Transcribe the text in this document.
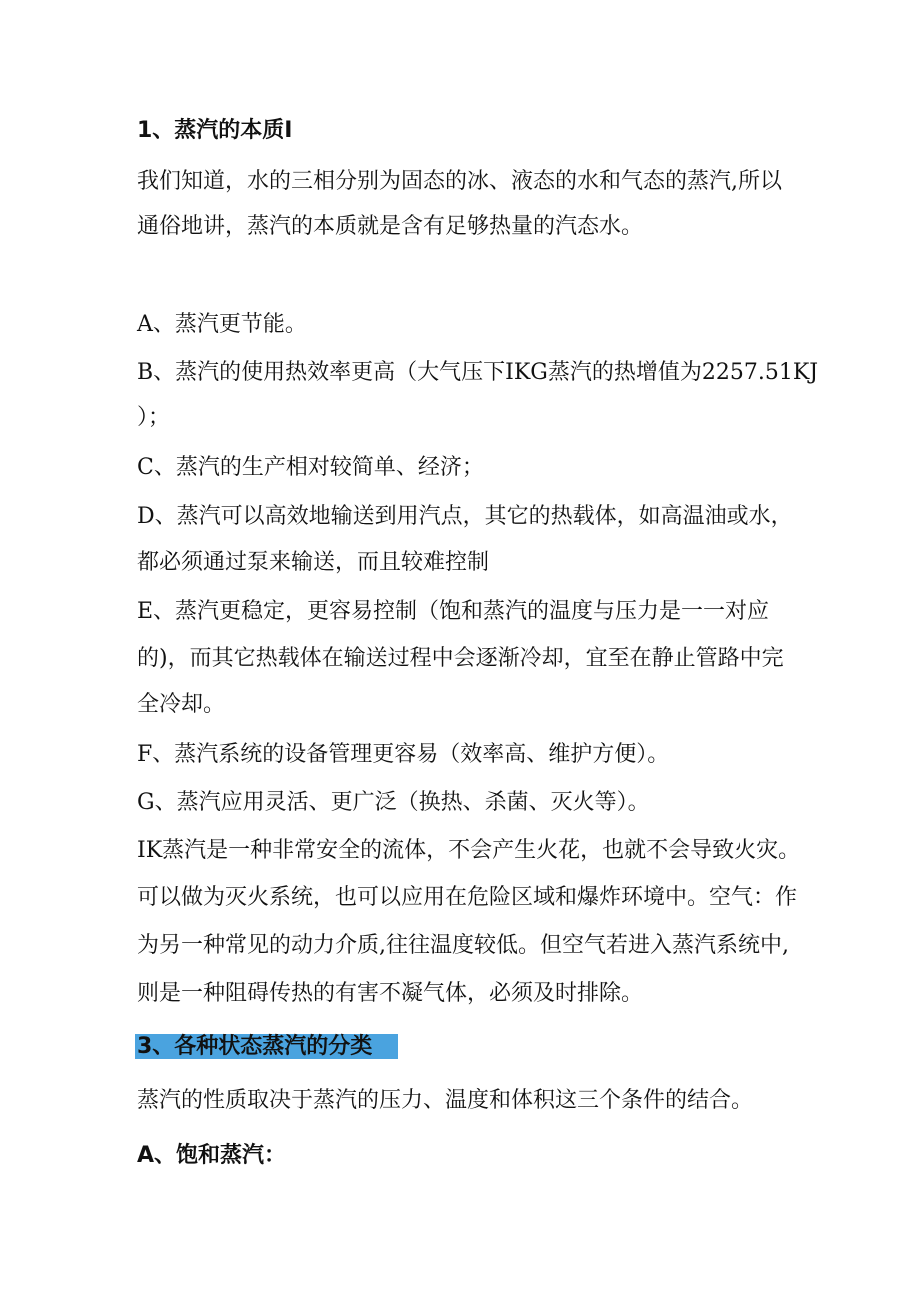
1、蒸汽的本质I
我们知道，水的三相分别为固态的冰、液态的水和气态的蒸汽,所以
通俗地讲，蒸汽的本质就是含有足够热量的汽态水。
A、蒸汽更节能。
B、蒸汽的使用热效率更高（大气压下IKG蒸汽的热增值为2257.51KJ
）；
C、蒸汽的生产相对较简单、经济；
D、蒸汽可以高效地输送到用汽点，其它的热载体，如高温油或水，
都必须通过泵来输送，而且较难控制
E、蒸汽更稳定，更容易控制（饱和蒸汽的温度与压力是一一对应
的)，而其它热载体在输送过程中会逐渐冷却，宜至在静止管路中完
全冷却。
F、蒸汽系统的设备管理更容易（效率高、维护方便）。
G、蒸汽应用灵活、更广泛（换热、杀菌、灭火等）。
IK蒸汽是一种非常安全的流体，不会产生火花，也就不会导致火灾。
可以做为灭火系统，也可以应用在危险区域和爆炸环境中。空气：作
为另一种常见的动力介质,往往温度较低。但空气若进入蒸汽系统中,
则是一种阻碍传热的有害不凝气体，必须及时排除。
3、各种状态蒸汽的分类
蒸汽的性质取决于蒸汽的压力、温度和体积这三个条件的结合。
A、饱和蒸汽：
